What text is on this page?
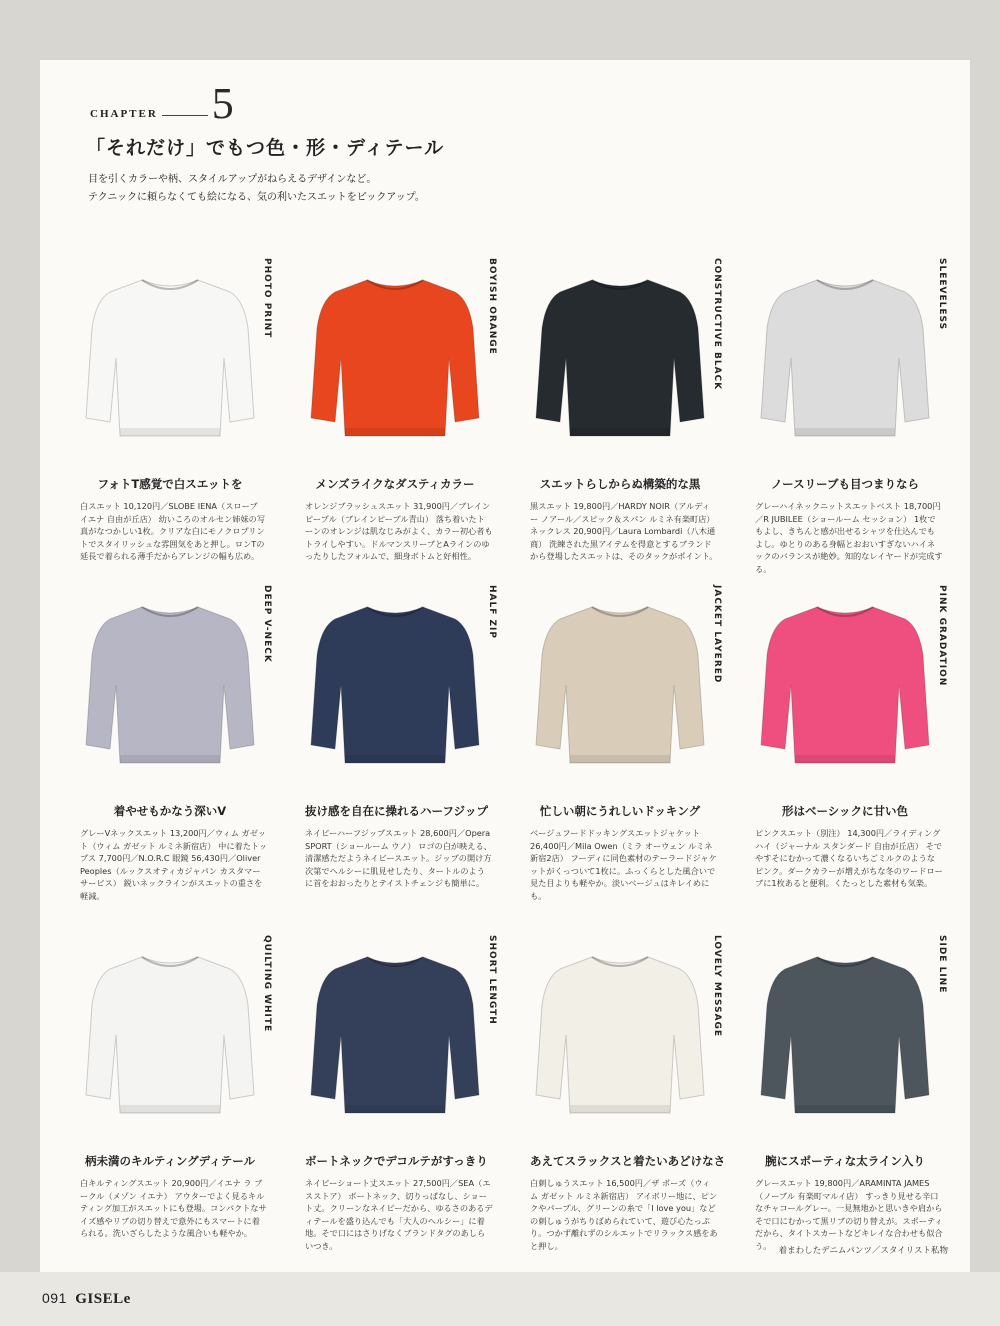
CHAPTER 5
「それだけ」でもつ色・形・ディテール
目を引くカラーや柄、スタイルアップがねらえるデザインなど。
テクニックに頼らなくても絵になる、気の利いたスエットをピックアップ。
PHOTO PRINT
フォトT感覚で白スエットを
白スエット 10,120円／SLOBE IENA（スローブ イエナ 自由が丘店） 幼いころのオルセン姉妹の写真がなつかしい1枚。クリアな白にモノクロプリントでスタイリッシュな雰囲気をあと押し。ロンTの延長で着られる薄手だからアレンジの幅も広め。
BOYISH ORANGE
メンズライクなダスティカラー
オレンジブラッシュスエット 31,900円／ブレインピープル（ブレインピープル青山） 落ち着いたトーンのオレンジは肌なじみがよく、カラー初心者もトライしやすい。ドルマンスリーブとAラインのゆったりしたフォルムで、細身ボトムと好相性。
CONSTRUCTIVE BLACK
スエットらしからぬ構築的な黒
黒スエット 19,800円／HARDY NOIR（アルディー ノアール／スピック＆スパン ルミネ有楽町店） ネックレス 20,900円／Laura Lombardi（八木通商） 洗練された黒アイテムを得意とするブランドから登場したスエットは、そのタックがポイント。
SLEEVELESS
ノースリーブも目つまりなら
グレーハイネックニットスエットベスト 18,700円／R JUBILEE（ショールーム セッション） 1枚でもよし、きちんと感が出せるシャツを仕込んでもよし。ゆとりのある身幅とおおいすぎないハイネックのバランスが絶妙。知的なレイヤードが完成する。
DEEP V-NECK
着やせもかなう深いV
グレーVネックスエット 13,200円／ウィム ガゼット（ウィム ガゼット ルミネ新宿店） 中に着たトップス 7,700円／N.O.R.C 眼鏡 56,430円／Oliver Peoples（ルックスオティカジャパン カスタマーサービス） 鋭いネックラインがスエットの重さを軽減。
HALF ZIP
抜け感を自在に操れるハーフジップ
ネイビーハーフジップスエット 28,600円／Opera SPORT（ショールーム ウノ） ロゴの白が映える、清潔感ただようネイビースエット。ジップの開け方次第でヘルシーに肌見せしたり、タートルのように首をおおったりとテイストチェンジも簡単に。
JACKET LAYERED
忙しい朝にうれしいドッキング
ベージュフードドッキングスエットジャケット 26,400円／Mila Owen（ミラ オーウェン ルミネ新宿2店） フーディに同色素材のテーラードジャケットがくっついて1枚に。ふっくらとした風合いで見た目よりも軽やか。淡いベージュはキレイめにも。
PINK GRADATION
形はベーシックに甘い色
ピンクスエット（別注） 14,300円／ライディング ハイ（ジャーナル スタンダード 自由が丘店） そでやすそにむかって濃くなるいちごミルクのようなピンク。ダークカラーが増えがちな冬のワードローブに1枚あると便利。くたっとした素材も気楽。
QUILTING WHITE
柄未満のキルティングディテール
白キルティングスエット 20,900円／イエナ ラ ブークル（メゾン イエナ） アウターでよく見るキルティング加工がスエットにも登場。コンパクトなサイズ感やリブの切り替えで意外にもスマートに着られる。洗いざらしたような風合いも軽やか。
SHORT LENGTH
ボートネックでデコルテがすっきり
ネイビーショート丈スエット 27,500円／SEA（エスストア） ボートネック、切りっぱなし、ショート丈。クリーンなネイビーだから、ゆるさのあるディテールを盛り込んでも「大人のヘルシー」に着地。そで口にはさりげなくブランドタグのあしらいつき。
LOVELY MESSAGE
あえてスラックスと着たいあどけなさ
白刺しゅうスエット 16,500円／ザ ボーズ（ウィム ガゼット ルミネ新宿店） アイボリー地に、ピンクやパープル、グリーンの糸で「I love you」などの刺しゅうがちりばめられていて、遊び心たっぷり。つかず離れずのシルエットでリラックス感をあと押し。
SIDE LINE
腕にスポーティな太ライン入り
グレースエット 19,800円／ARAMINTA JAMES（ノーブル 有楽町マルイ店） すっきり見せる辛口なチャコールグレー。一見無地かと思いきや肩からそで口にむかって黒リブの切り替えが。スポーティだから、タイトスカートなどキレイな合わせも似合う。
着まわしたデニムパンツ／スタイリスト私物
091 GISELe
